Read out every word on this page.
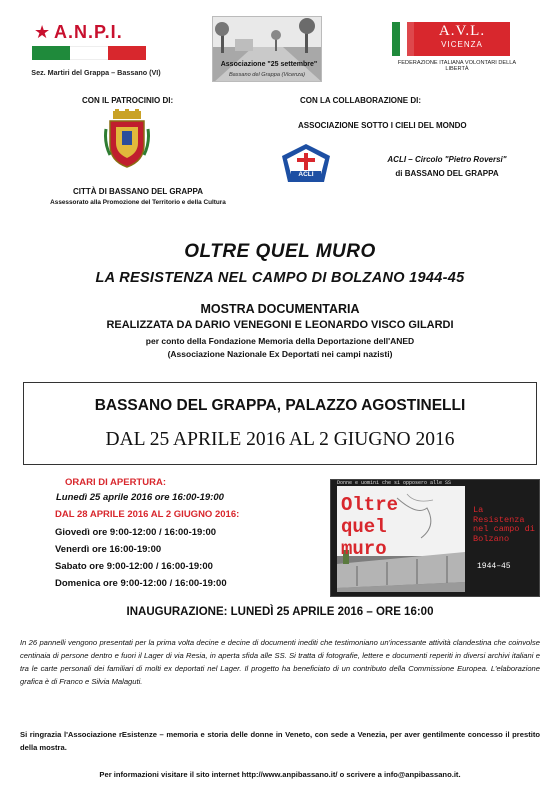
★ A.N.P.I.
Sez. Martiri del Grappa – Bassano (VI)
Associazione "25 settembre"
Bassano del Grappa (Vicenza)
A.V.L.
VICENZA
FEDERAZIONE ITALIANA VOLONTARI DELLA LIBERTÀ
CON IL PATROCINIO DI:	CON LA COLLABORAZIONE DI:
ASSOCIAZIONE SOTTO I CIELI DEL MONDO
CITTÀ DI BASSANO DEL GRAPPA
Assessorato alla Promozione del Territorio e della Cultura
ACLI
ACLI – Circolo "Pietro Roversi"
di BASSANO DEL GRAPPA
OLTRE QUEL MURO
LA RESISTENZA NEL CAMPO DI BOLZANO 1944-45
MOSTRA DOCUMENTARIA
REALIZZATA DA DARIO VENEGONI E LEONARDO VISCO GILARDI
per conto della Fondazione Memoria della Deportazione dell'ANED
(Associazione Nazionale Ex Deportati nei campi nazisti)
BASSANO DEL GRAPPA, PALAZZO AGOSTINELLI
DAL 25 APRILE 2016 AL 2 GIUGNO 2016
ORARI DI APERTURA:
Lunedì 25 aprile 2016 ore 16:00-19:00
DAL 28 APRILE 2016 AL 2 GIUGNO 2016:
Giovedì ore 9:00-12:00 / 16:00-19:00
Venerdì ore 16:00-19:00
Sabato ore 9:00-12:00 / 16:00-19:00
Domenica ore 9:00-12:00 / 16:00-19:00
Donne e uomini che si opposero alle SS
Oltre
quel
muro
La Resistenza nel campo di Bolzano
1944–45
INAUGURAZIONE: LUNEDÌ 25 APRILE 2016 – ORE 16:00
In 26 pannelli vengono presentati per la prima volta decine e decine di documenti inediti che testimoniano un'incessante attività clandestina che coinvolse centinaia di persone dentro e fuori il Lager di via Resia, in aperta sfida alle SS. Si tratta di fotografie, lettere e documenti reperiti in diversi archivi italiani e tra le carte personali dei familiari di molti ex deportati nel Lager. Il progetto ha beneficiato di un contributo della Commissione Europea. L'elaborazione grafica è di Franco e Silvia Malaguti.
Si ringrazia l'Associazione rEsistenze – memoria e storia delle donne in Veneto, con sede a Venezia, per aver gentilmente concesso il prestito della mostra.
Per informazioni visitare il sito internet http://www.anpibassano.it/ o scrivere a info@anpibassano.it.
